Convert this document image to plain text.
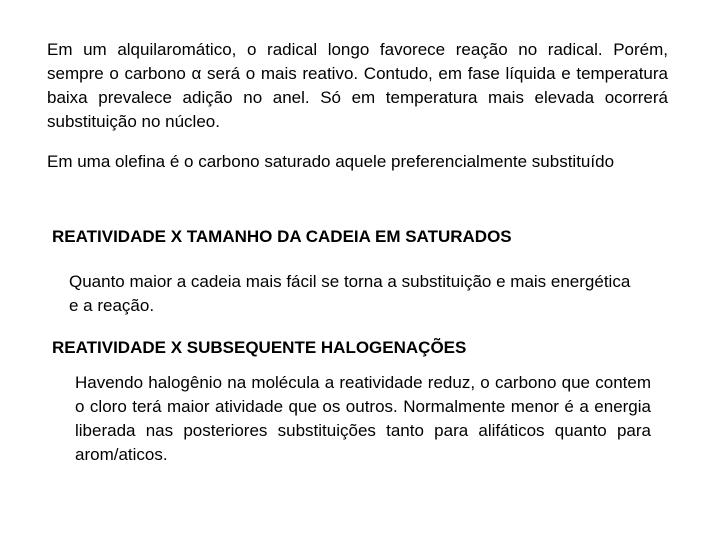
Em um alquilaromático, o radical longo favorece reação no radical. Porém, sempre o carbono α será o mais reativo. Contudo, em fase líquida e temperatura baixa prevalece adição no anel. Só em temperatura mais elevada ocorrerá substituição no núcleo.
Em uma olefina é o carbono saturado aquele preferencialmente substituído
REATIVIDADE X TAMANHO DA CADEIA EM SATURADOS
Quanto maior a cadeia mais fácil se torna a substituição e mais energética e a reação.
REATIVIDADE X SUBSEQUENTE HALOGENAÇÕES
Havendo halogênio na molécula a reatividade reduz, o carbono que contem o cloro terá maior atividade que os outros. Normalmente menor é a energia liberada nas posteriores substituições tanto para alifáticos quanto para arom/aticos.
